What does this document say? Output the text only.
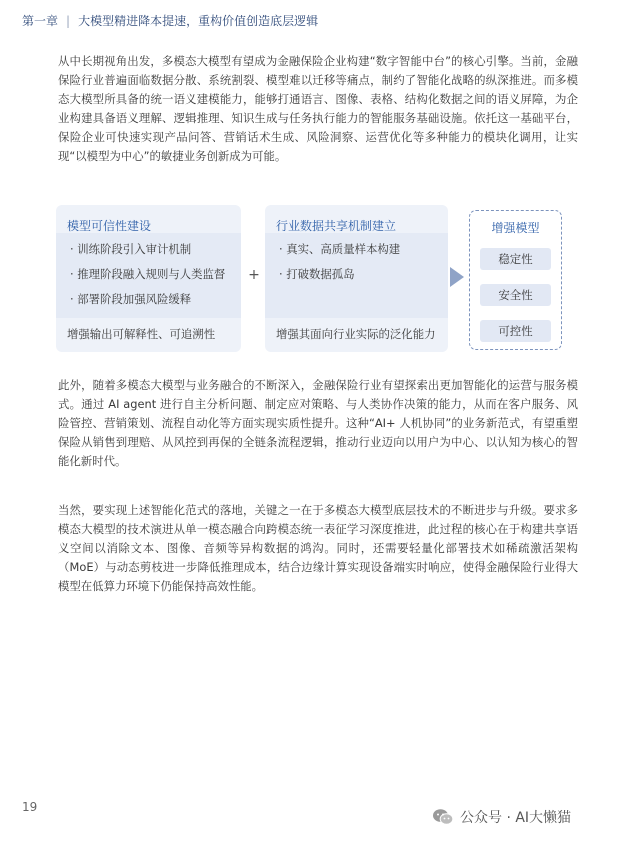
第一章 | 大模型精进降本提速，重构价值创造底层逻辑

从中长期视角出发，多模态大模型有望成为金融保险企业构建“数字智能中台”的核心引擎。当前，金融保险行业普遍面临数据分散、系统割裂、模型难以迁移等痛点，制约了智能化战略的纵深推进。而多模态大模型所具备的统一语义建模能力，能够打通语言、图像、表格、结构化数据之间的语义屏障，为企业构建具备语义理解、逻辑推理、知识生成与任务执行能力的智能服务基础设施。依托这一基础平台，保险企业可快速实现产品问答、营销话术生成、风险洞察、运营优化等多种能力的模块化调用，让实现“以模型为中心”的敏捷业务创新成为可能。

模型可信性建设
· 训练阶段引入审计机制
· 推理阶段融入规则与人类监督
· 部署阶段加强风险缓释
增强输出可解释性、可追溯性
+
行业数据共享机制建立
· 真实、高质量样本构建
· 打破数据孤岛
增强其面向行业实际的泛化能力
增强模型
稳定性
安全性
可控性

此外，随着多模态大模型与业务融合的不断深入，金融保险行业有望探索出更加智能化的运营与服务模式。通过 AI agent 进行自主分析问题、制定应对策略、与人类协作决策的能力，从而在客户服务、风险管控、营销策划、流程自动化等方面实现实质性提升。这种“AI+ 人机协同”的业务新范式，有望重塑保险从销售到理赔、从风控到再保的全链条流程逻辑，推动行业迈向以用户为中心、以认知为核心的智能化新时代。

当然，要实现上述智能化范式的落地，关键之一在于多模态大模型底层技术的不断进步与升级。要求多模态大模型的技术演进从单一模态融合向跨模态统一表征学习深度推进，此过程的核心在于构建共享语义空间以消除文本、图像、音频等异构数据的鸿沟。同时，还需要轻量化部署技术如稀疏激活架构（MoE）与动态剪枝进一步降低推理成本，结合边缘计算实现设备端实时响应，使得金融保险行业得大模型在低算力环境下仍能保持高效性能。

19
公众号 · AI大懒猫
